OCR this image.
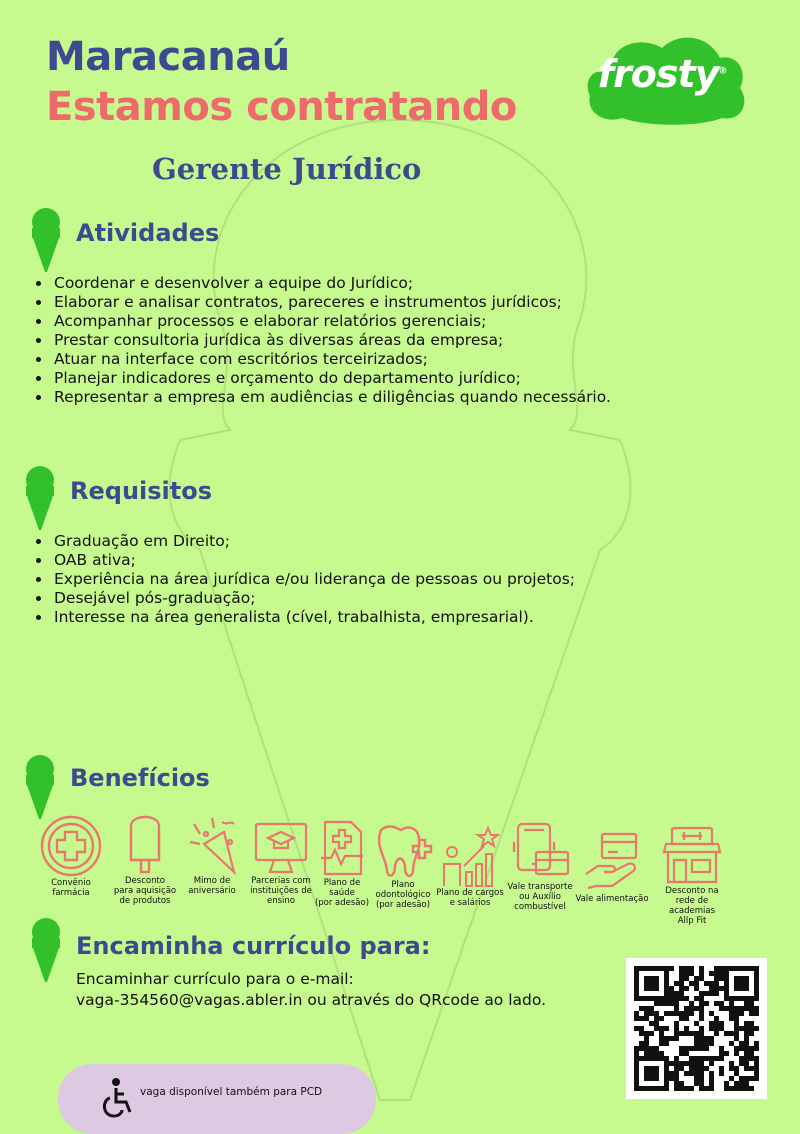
Maracanaú
Estamos contratando
Gerente Jurídico
frosty®
Atividades
• Coordenar e desenvolver a equipe do Jurídico;
• Elaborar e analisar contratos, pareceres e instrumentos jurídicos;
• Acompanhar processos e elaborar relatórios gerenciais;
• Prestar consultoria jurídica às diversas áreas da empresa;
• Atuar na interface com escritórios terceirizados;
• Planejar indicadores e orçamento do departamento jurídico;
• Representar a empresa em audiências e diligências quando necessário.
Requisitos
• Graduação em Direito;
• OAB ativa;
• Experiência na área jurídica e/ou liderança de pessoas ou projetos;
• Desejável pós-graduação;
• Interesse na área generalista (cível, trabalhista, empresarial).
Benefícios
Convênio
farmácia
Desconto
para aquisição
de produtos
Mimo de
aniversário
Parcerias com
instituições de
ensino
Plano de
saúde
(por adesão)
Plano
odontológico
(por adesão)
Plano de cargos
e salários
Vale transporte
ou Auxílio
combustível
Vale alimentação
Desconto na
rede de academias
Allp Fit
Encaminha currículo para:
Encaminhar currículo para o e-mail:
vaga-354560@vagas.abler.in ou através do QRcode ao lado.
vaga disponível também para PCD
